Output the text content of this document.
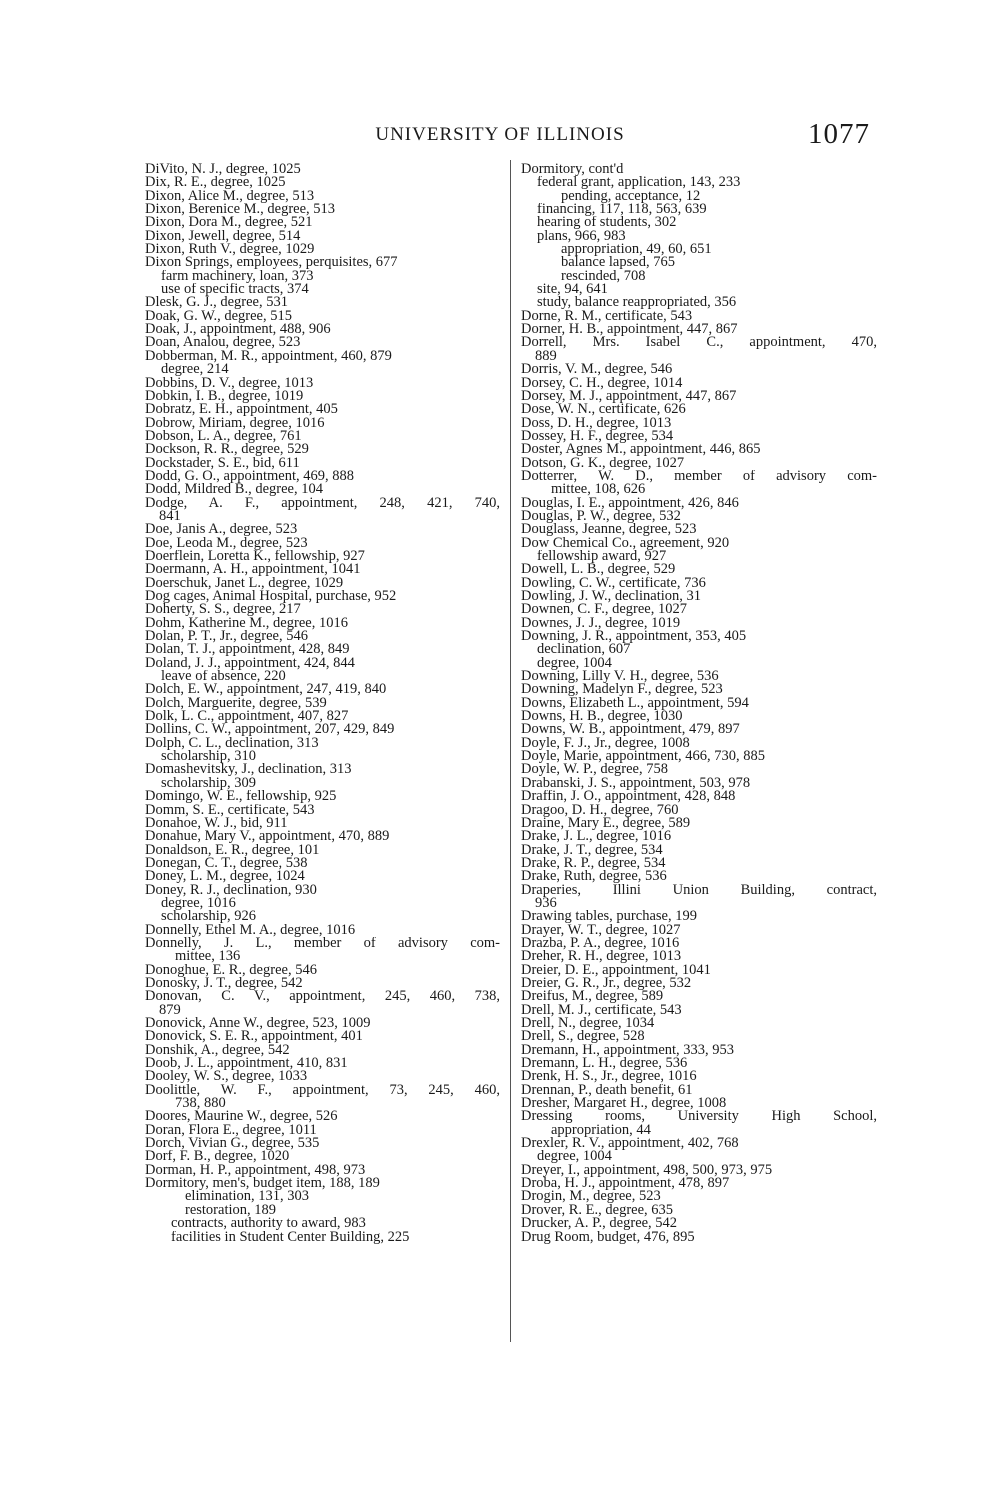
UNIVERSITY OF ILLINOIS	1077
DiVito, N. J., degree, 1025
Dix, R. E., degree, 1025
Dixon, Alice M., degree, 513
Dixon, Berenice M., degree, 513
Dixon, Dora M., degree, 521
Dixon, Jewell, degree, 514
Dixon, Ruth V., degree, 1029
Dixon Springs, employees, perquisites, 677
farm machinery, loan, 373
use of specific tracts, 374
Dlesk, G. J., degree, 531
Doak, G. W., degree, 515
Doak, J., appointment, 488, 906
Doan, Analou, degree, 523
Dobberman, M. R., appointment, 460, 879
degree, 214
Dobbins, D. V., degree, 1013
Dobkin, I. B., degree, 1019
Dobratz, E. H., appointment, 405
Dobrow, Miriam, degree, 1016
Dobson, L. A., degree, 761
Dockson, R. R., degree, 529
Dockstader, S. E., bid, 611
Dodd, G. O., appointment, 469, 888
Dodd, Mildred B., degree, 104
Dodge, A. F., appointment, 248, 421, 740,
841
Doe, Janis A., degree, 523
Doe, Leoda M., degree, 523
Doerflein, Loretta K., fellowship, 927
Doermann, A. H., appointment, 1041
Doerschuk, Janet L., degree, 1029
Dog cages, Animal Hospital, purchase, 952
Doherty, S. S., degree, 217
Dohm, Katherine M., degree, 1016
Dolan, P. T., Jr., degree, 546
Dolan, T. J., appointment, 428, 849
Doland, J. J., appointment, 424, 844
leave of absence, 220
Dolch, E. W., appointment, 247, 419, 840
Dolch, Marguerite, degree, 539
Dolk, L. C., appointment, 407, 827
Dollins, C. W., appointment, 207, 429, 849
Dolph, C. L., declination, 313
scholarship, 310
Domashevitsky, J., declination, 313
scholarship, 309
Domingo, W. E., fellowship, 925
Domm, S. E., certificate, 543
Donahoe, W. J., bid, 911
Donahue, Mary V., appointment, 470, 889
Donaldson, E. R., degree, 101
Donegan, C. T., degree, 538
Doney, L. M., degree, 1024
Doney, R. J., declination, 930
degree, 1016
scholarship, 926
Donnelly, Ethel M. A., degree, 1016
Donnelly, J. L., member of advisory com-
mittee, 136
Donoghue, E. R., degree, 546
Donosky, J. T., degree, 542
Donovan, C. V., appointment, 245, 460, 738,
879
Donovick, Anne W., degree, 523, 1009
Donovick, S. E. R., appointment, 401
Donshik, A., degree, 542
Doob, J. L., appointment, 410, 831
Dooley, W. S., degree, 1033
Doolittle, W. F., appointment, 73, 245, 460,
738, 880
Doores, Maurine W., degree, 526
Doran, Flora E., degree, 1011
Dorch, Vivian G., degree, 535
Dorf, F. B., degree, 1020
Dorman, H. P., appointment, 498, 973
Dormitory, men's, budget item, 188, 189
elimination, 131, 303
restoration, 189
contracts, authority to award, 983
facilities in Student Center Building, 225
Dormitory, cont'd
federal grant, application, 143, 233
pending, acceptance, 12
financing, 117, 118, 563, 639
hearing of students, 302
plans, 966, 983
appropriation, 49, 60, 651
balance lapsed, 765
rescinded, 708
site, 94, 641
study, balance reappropriated, 356
Dorne, R. M., certificate, 543
Dorner, H. B., appointment, 447, 867
Dorrell, Mrs. Isabel C., appointment, 470,
889
Dorris, V. M., degree, 546
Dorsey, C. H., degree, 1014
Dorsey, M. J., appointment, 447, 867
Dose, W. N., certificate, 626
Doss, D. H., degree, 1013
Dossey, H. F., degree, 534
Doster, Agnes M., appointment, 446, 865
Dotson, G. K., degree, 1027
Dotterrer, W. D., member of advisory com-
mittee, 108, 626
Douglas, I. E., appointment, 426, 846
Douglas, P. W., degree, 532
Douglass, Jeanne, degree, 523
Dow Chemical Co., agreement, 920
fellowship award, 927
Dowell, L. B., degree, 529
Dowling, C. W., certificate, 736
Dowling, J. W., declination, 31
Downen, C. F., degree, 1027
Downes, J. J., degree, 1019
Downing, J. R., appointment, 353, 405
declination, 607
degree, 1004
Downing, Lilly V. H., degree, 536
Downing, Madelyn F., degree, 523
Downs, Elizabeth L., appointment, 594
Downs, H. B., degree, 1030
Downs, W. B., appointment, 479, 897
Doyle, F. J., Jr., degree, 1008
Doyle, Marie, appointment, 466, 730, 885
Doyle, W. P., degree, 758
Drabanski, J. S., appointment, 503, 978
Draffin, J. O., appointment, 428, 848
Dragoo, D. H., degree, 760
Draine, Mary E., degree, 589
Drake, J. L., degree, 1016
Drake, J. T., degree, 534
Drake, R. P., degree, 534
Drake, Ruth, degree, 536
Draperies, Illini Union Building, contract,
936
Drawing tables, purchase, 199
Drayer, W. T., degree, 1027
Drazba, P. A., degree, 1016
Dreher, R. H., degree, 1013
Dreier, D. E., appointment, 1041
Dreier, G. R., Jr., degree, 532
Dreifus, M., degree, 589
Drell, M. J., certificate, 543
Drell, N., degree, 1034
Drell, S., degree, 528
Dremann, H., appointment, 333, 953
Dremann, L. H., degree, 536
Drenk, H. S., Jr., degree, 1016
Drennan, P., death benefit, 61
Dresher, Margaret H., degree, 1008
Dressing rooms, University High School,
appropriation, 44
Drexler, R. V., appointment, 402, 768
degree, 1004
Dreyer, I., appointment, 498, 500, 973, 975
Droba, H. J., appointment, 478, 897
Drogin, M., degree, 523
Drover, R. E., degree, 635
Drucker, A. P., degree, 542
Drug Room, budget, 476, 895
